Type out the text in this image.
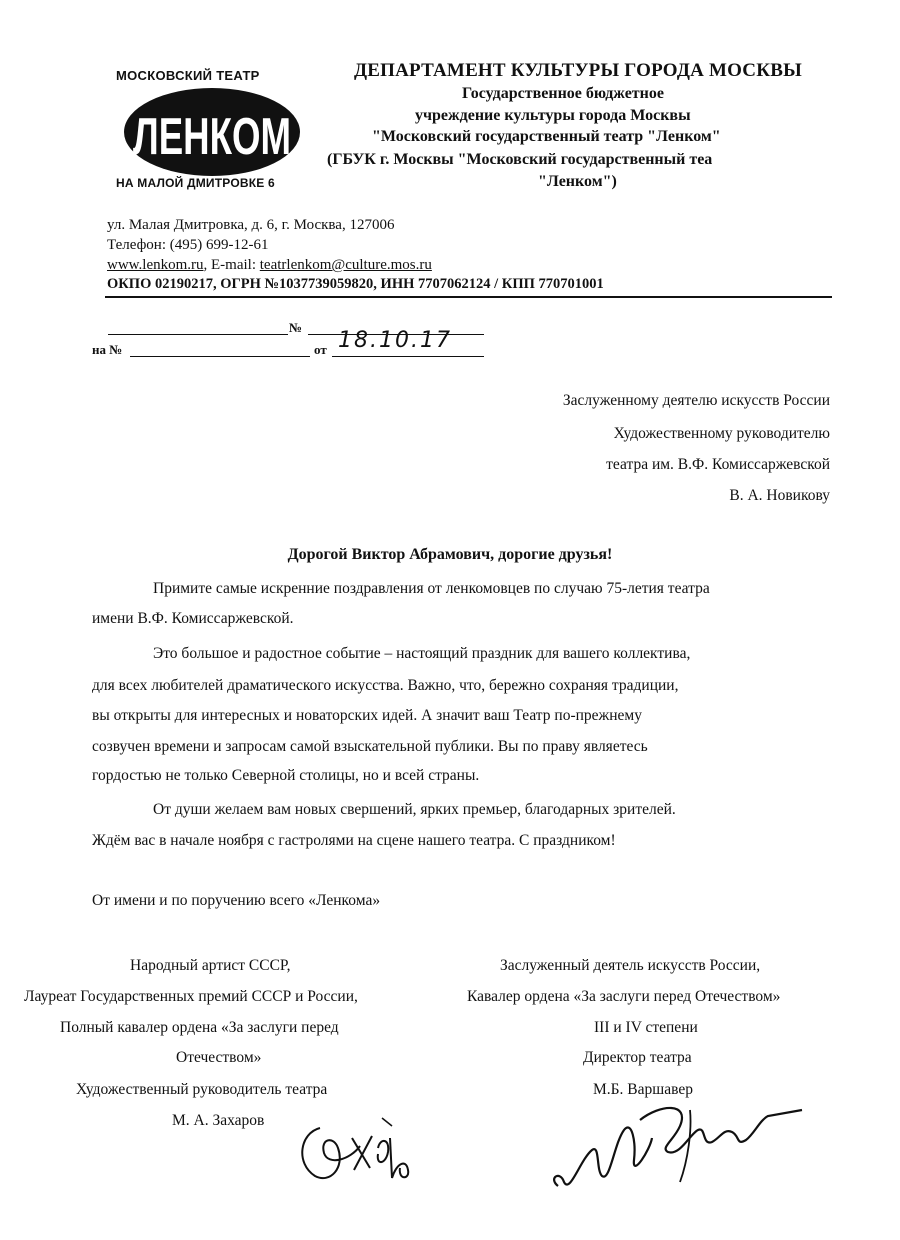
МОСКОВСКИЙ ТЕАТР
ЛЕНКОМ
НА МАЛОЙ ДМИТРОВКЕ 6
ДЕПАРТАМЕНТ КУЛЬТУРЫ ГОРОДА МОСКВЫ
Государственное бюджетное
учреждение культуры города Москвы
"Московский государственный театр "Ленком"
(ГБУК г. Москвы "Московский государственный теа
"Ленком")
ул. Малая Дмитровка, д. 6, г. Москва, 127006
Телефон: (495) 699-12-61
www.lenkom.ru, E-mail: teatrlenkom@culture.mos.ru
ОКПО 02190217, ОГРН №1037739059820, ИНН 7707062124 / КПП 770701001
№
на №	от 18.10.17
Заслуженному деятелю искусств России
Художественному руководителю
театра им. В.Ф. Комиссаржевской
В. А. Новикову
Дорогой Виктор Абрамович, дорогие друзья!
Примите самые искренние поздравления от ленкомовцев по случаю 75-летия театра
имени В.Ф. Комиссаржевской.
Это большое и радостное событие – настоящий праздник для вашего коллектива,
для всех любителей драматического искусства. Важно, что, бережно сохраняя традиции,
вы открыты для интересных и новаторских идей. А значит ваш Театр по-прежнему
созвучен времени и запросам самой взыскательной публики. Вы по праву являетесь
гордостью не только Северной столицы, но и всей страны.
От души желаем вам новых свершений, ярких премьер, благодарных зрителей.
Ждём вас в начале ноября с гастролями на сцене нашего театра. С праздником!
От имени и по поручению всего «Ленкома»
Народный артист СССР,
Лауреат Государственных премий СССР и России,
Полный кавалер ордена «За заслуги перед
Отечеством»
Художественный руководитель театра
М. А. Захаров
Заслуженный деятель искусств России,
Кавалер ордена «За заслуги перед Отечеством»
III и IV степени
Директор театра
М.Б. Варшавер
